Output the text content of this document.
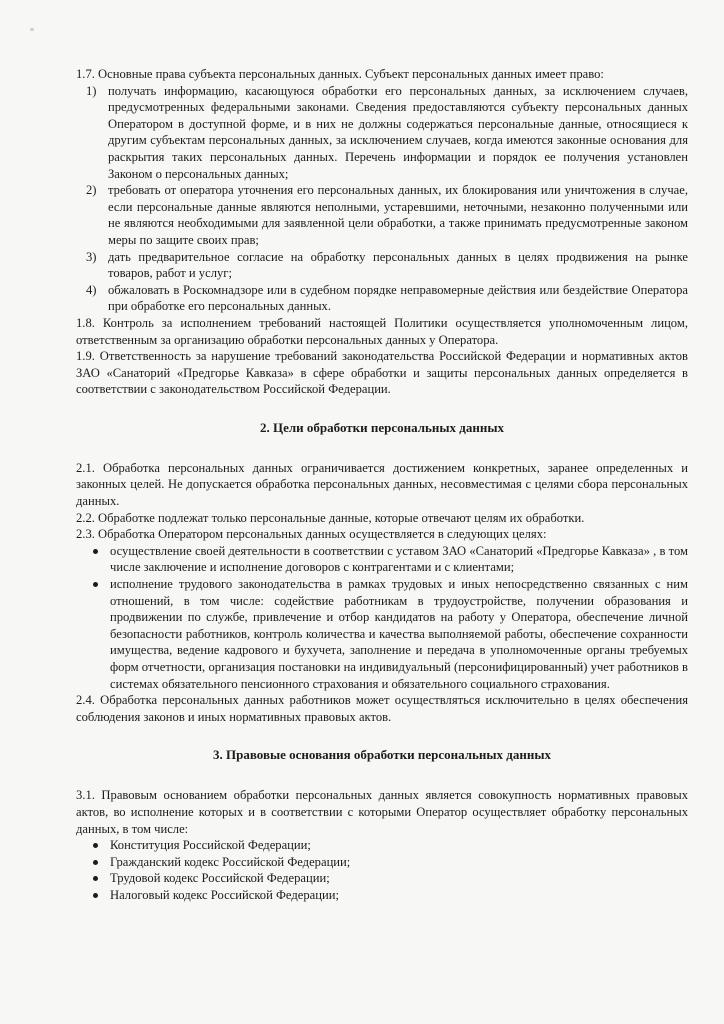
1.7. Основные права субъекта персональных данных. Субъект персональных данных имеет право:

1) получать информацию, касающуюся обработки его персональных данных, за исключением случаев, предусмотренных федеральными законами. Сведения предоставляются субъекту персональных данных Оператором в доступной форме, и в них не должны содержаться персональные данные, относящиеся к другим субъектам персональных данных, за исключением случаев, когда имеются законные основания для раскрытия таких персональных данных. Перечень информации и порядок ее получения установлен Законом о персональных данных;
2) требовать от оператора уточнения его персональных данных, их блокирования или уничтожения в случае, если персональные данные являются неполными, устаревшими, неточными, незаконно полученными или не являются необходимыми для заявленной цели обработки, а также принимать предусмотренные законом меры по защите своих прав;
3) дать предварительное согласие на обработку персональных данных в целях продвижения на рынке товаров, работ и услуг;
4) обжаловать в Роскомнадзоре или в судебном порядке неправомерные действия или бездействие Оператора при обработке его персональных данных.

1.8. Контроль за исполнением требований настоящей Политики осуществляется уполномоченным лицом, ответственным за организацию обработки персональных данных у Оператора.

1.9. Ответственность за нарушение требований законодательства Российской Федерации и нормативных актов ЗАО «Санаторий «Предгорье Кавказа» в сфере обработки и защиты персональных данных определяется в соответствии с законодательством Российской Федерации.

2. Цели обработки персональных данных

2.1. Обработка персональных данных ограничивается достижением конкретных, заранее определенных и законных целей. Не допускается обработка персональных данных, несовместимая с целями сбора персональных данных.

2.2. Обработке подлежат только персональные данные, которые отвечают целям их обработки.

2.3. Обработка Оператором персональных данных осуществляется в следующих целях:

осуществление своей деятельности в соответствии с уставом ЗАО «Санаторий «Предгорье Кавказа» , в том числе заключение и исполнение договоров с контрагентами и с клиентами;
исполнение трудового законодательства в рамках трудовых и иных непосредственно связанных с ним отношений, в том числе: содействие работникам в трудоустройстве, получении образования и продвижении по службе, привлечение и отбор кандидатов на работу у Оператора, обеспечение личной безопасности работников, контроль количества и качества выполняемой работы, обеспечение сохранности имущества, ведение кадрового и бухучета, заполнение и передача в уполномоченные органы требуемых форм отчетности, организация постановки на индивидуальный (персонифицированный) учет работников в системах обязательного пенсионного страхования и обязательного социального страхования.

2.4. Обработка персональных данных работников может осуществляться исключительно в целях обеспечения соблюдения законов и иных нормативных правовых актов.

3. Правовые основания обработки персональных данных

3.1. Правовым основанием обработки персональных данных является совокупность нормативных правовых актов, во исполнение которых и в соответствии с которыми Оператор осуществляет обработку персональных данных, в том числе:

Конституция Российской Федерации;
Гражданский кодекс Российской Федерации;
Трудовой кодекс Российской Федерации;
Налоговый кодекс Российской Федерации;
